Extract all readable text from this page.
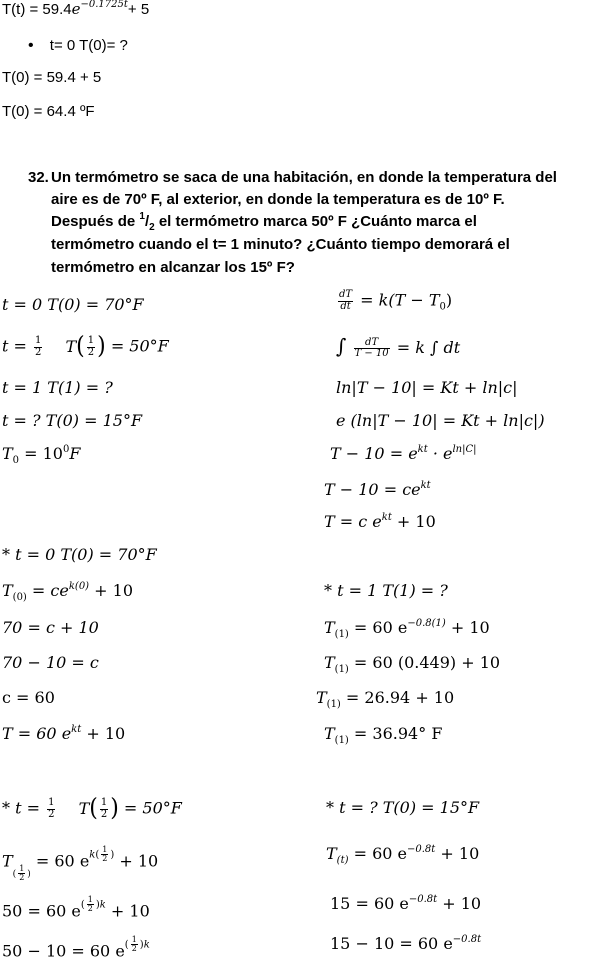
$T(t) = 59.4e^{-0.1725t}+ 5$
• t= 0 T(0)= ?
T(0) = 59.4 + 5
T(0) = 64.4 ºF
32. Un termómetro se saca de una habitación, en donde la temperatura del
aire es de 70º F, al exterior, en donde la temperatura es de 10º F.
Después de $^1/_2$ el termómetro marca 50º F ¿Cuánto marca el
termómetro cuando el t= 1 minuto? ¿Cuánto tiempo demorará el
termómetro en alcanzar los 15º F?
t = 0 T(0) = 70°F
$t = \frac{1}{2} T( \frac{1}{2}$ ) = 50°F
t = 1 T(1) = ?
t = ? T(0) = 15°F
$T_0 = 10^0F$
$\frac{dT}{dt} = k(T - T_0)$
∫ $\frac{dT}{T - 10} = k$ ∫ dt
ln|T − 10| = Kt + ln|c|
e (ln|T − 10| = Kt + ln|c|)
$T - 10 = e^{kt} \cdot e^{ln|C|}$
$T - 10 = ce^{kt}$
T = c $e^{kt} + 10$
* t = 0 T(0) = 70°F
$T_{(0)} = ce^{k(0)} + 10$
70 = c + 10
70 − 10 = c
c = 60
T = 60 $e^{kt} + 10$
* t = 1 T(1) = ?
$T_{(1)} = 60$ $e^{-0.8(1)} + 10$
$T_{(1)} = 60$ (0.449) + 10
$T_{(1)} = 26.94 + 10$
$T_{(1)} = 36.94^\circ$ F
* $t = \frac{1}{2} T( \frac{1}{2}$ ) = 50°F
$T( \frac{1}{2}$ ) = 60 $ek( \frac{1}{2}$ ) + 10
50 = 60 $e( \frac{1}{2} )k + 10$
50 − 10 = 60 $e( \frac{1}{2} )k$
* t = ? T(0) = 15°F
$T_{(t)} = 60$ $e^{-0.8t} + 10$
15 = 60 $e^{-0.8t} + 10$
15 − 10 = 60 $e^{-0.8t}$
